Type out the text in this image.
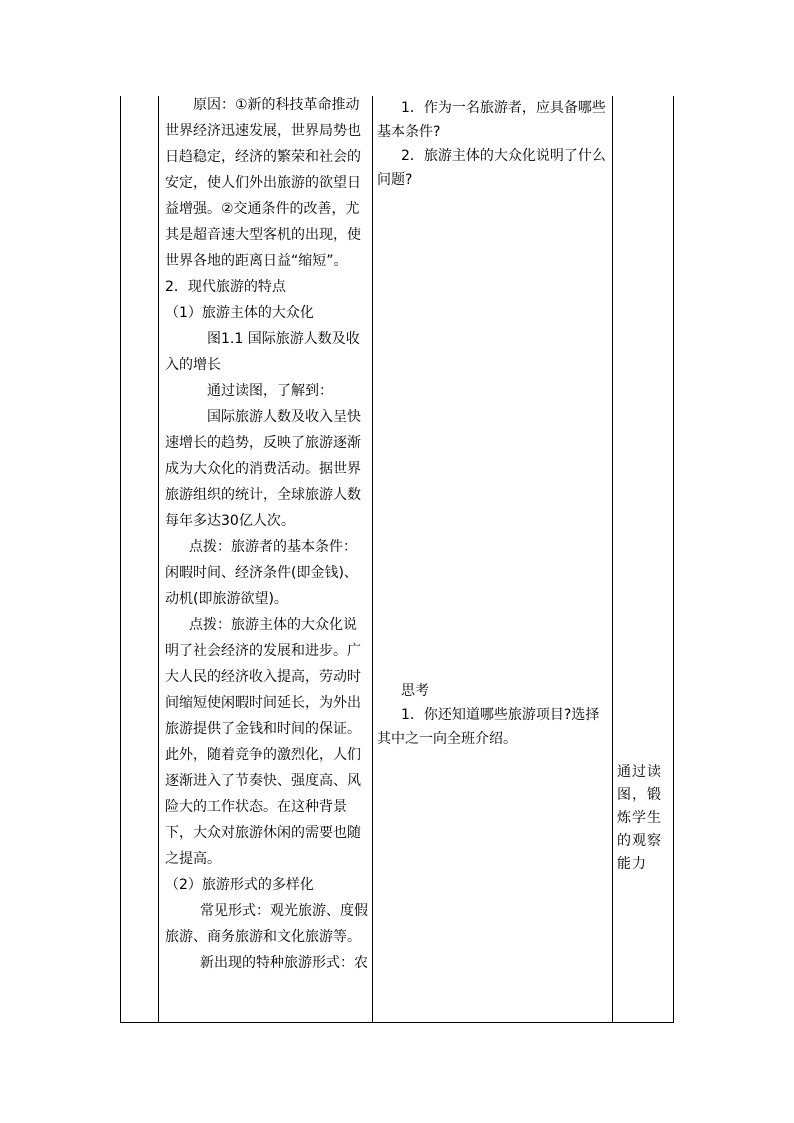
原因：①新的科技革命推动世界经济迅速发展，世界局势也日趋稳定，经济的繁荣和社会的安定，使人们外出旅游的欲望日益增强。②交通条件的改善，尤其是超音速大型客机的出现，使世界各地的距离日益“缩短”。

2．现代旅游的特点

（1）旅游主体的大众化

图1.1 国际旅游人数及收入的增长

通过读图，了解到：

国际旅游人数及收入呈快速增长的趋势，反映了旅游逐渐成为大众化的消费活动。据世界旅游组织的统计，全球旅游人数每年多达30亿人次。

点拨：旅游者的基本条件：闲暇时间、经济条件(即金钱)、动机(即旅游欲望)。

点拨：旅游主体的大众化说明了社会经济的发展和进步。广大人民的经济收入提高，劳动时间缩短使闲暇时间延长，为外出旅游提供了金钱和时间的保证。此外，随着竞争的激烈化，人们逐渐进入了节奏快、强度高、风险大的工作状态。在这种背景下，大众对旅游休闲的需要也随之提高。

（2）旅游形式的多样化

常见形式：观光旅游、度假旅游、商务旅游和文化旅游等。

新出现的特种旅游形式：农

1．作为一名旅游者，应具备哪些基本条件?

2．旅游主体的大众化说明了什么问题?

思考

1．你还知道哪些旅游项目?选择其中之一向全班介绍。

通过读图，锻炼学生的观察能力
